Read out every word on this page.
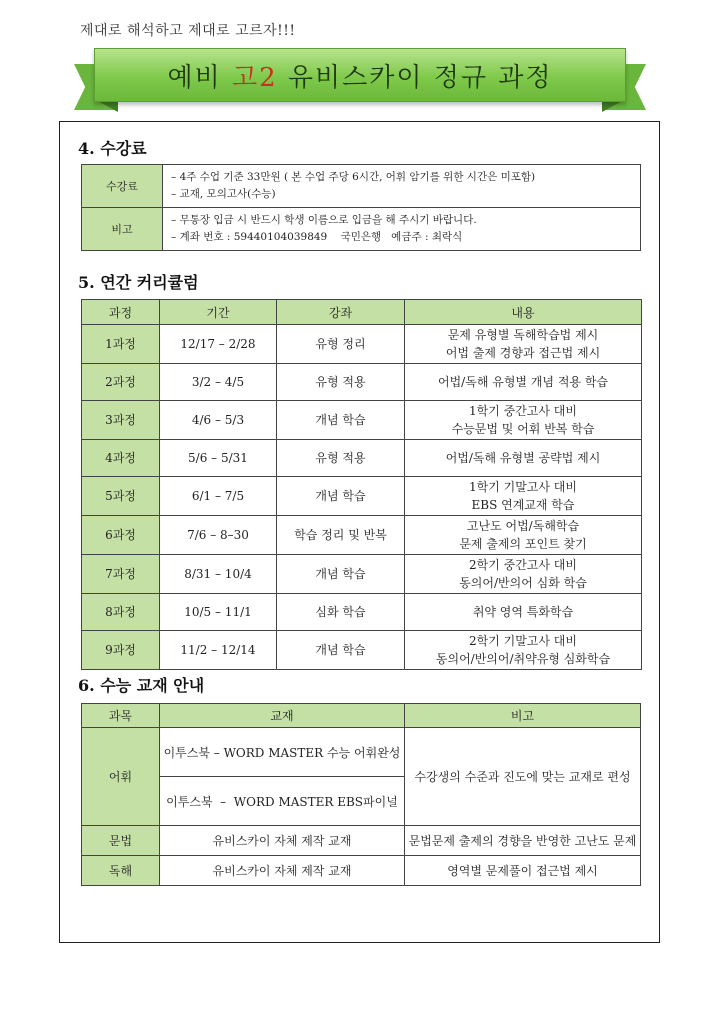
제대로 해석하고 제대로 고르자!!!
예비 고2 유비스카이 정규 과정
4. 수강료
수강료	– 4주 수업 기준 33만원 ( 본 수업 주당 6시간, 어휘 암기를 위한 시간은 미포함)
– 교재, 모의고사(수능)

비고	– 무통장 입금 시 반드시 학생 이름으로 입금을 해 주시기 바랍니다.
– 계좌 번호 : 59440104039849    국민은행   예금주 : 최락식
5. 연간 커리큘럼
과정	기간	강좌	내용
1과정	12/17 – 2/28	유형 정리	문제 유형별 독해학습법 제시
어법 출제 경향과 접근법 제시

2과정	3/2 – 4/5	유형 적용	어법/독해 유형별 개념 적용 학습

3과정	4/6 – 5/3	개념 학습	1학기 중간고사 대비
수능문법 및 어휘 반복 학습

4과정	5/6 – 5/31	유형 적용	어법/독해 유형별 공략법 제시

5과정	6/1 – 7/5	개념 학습	1학기 기말고사 대비
EBS 연계교재 학습

6과정	7/6 – 8–30	학습 정리 및 반복	고난도 어법/독해학습
문제 출제의 포인트 찾기

7과정	8/31 – 10/4	개념 학습	2학기 중간고사 대비
동의어/반의어 심화 학습

8과정	10/5 – 11/1	심화 학습	취약 영역 특화학습

9과정	11/2 – 12/14	개념 학습	2학기 기말고사 대비
동의어/반의어/취약유형 심화학습
6. 수능 교재 안내
과목	교재	비고
어휘	이투스북 – WORD MASTER 수능 어휘완성	수강생의 수준과 진도에 맞는 교재로 편성
	이투스북  –  WORD MASTER EBS파이널	
문법	유비스카이 자체 제작 교재	문법문제 출제의 경향을 반영한 고난도 문제
독해	유비스카이 자체 제작 교재	영역별 문제풀이 접근법 제시
